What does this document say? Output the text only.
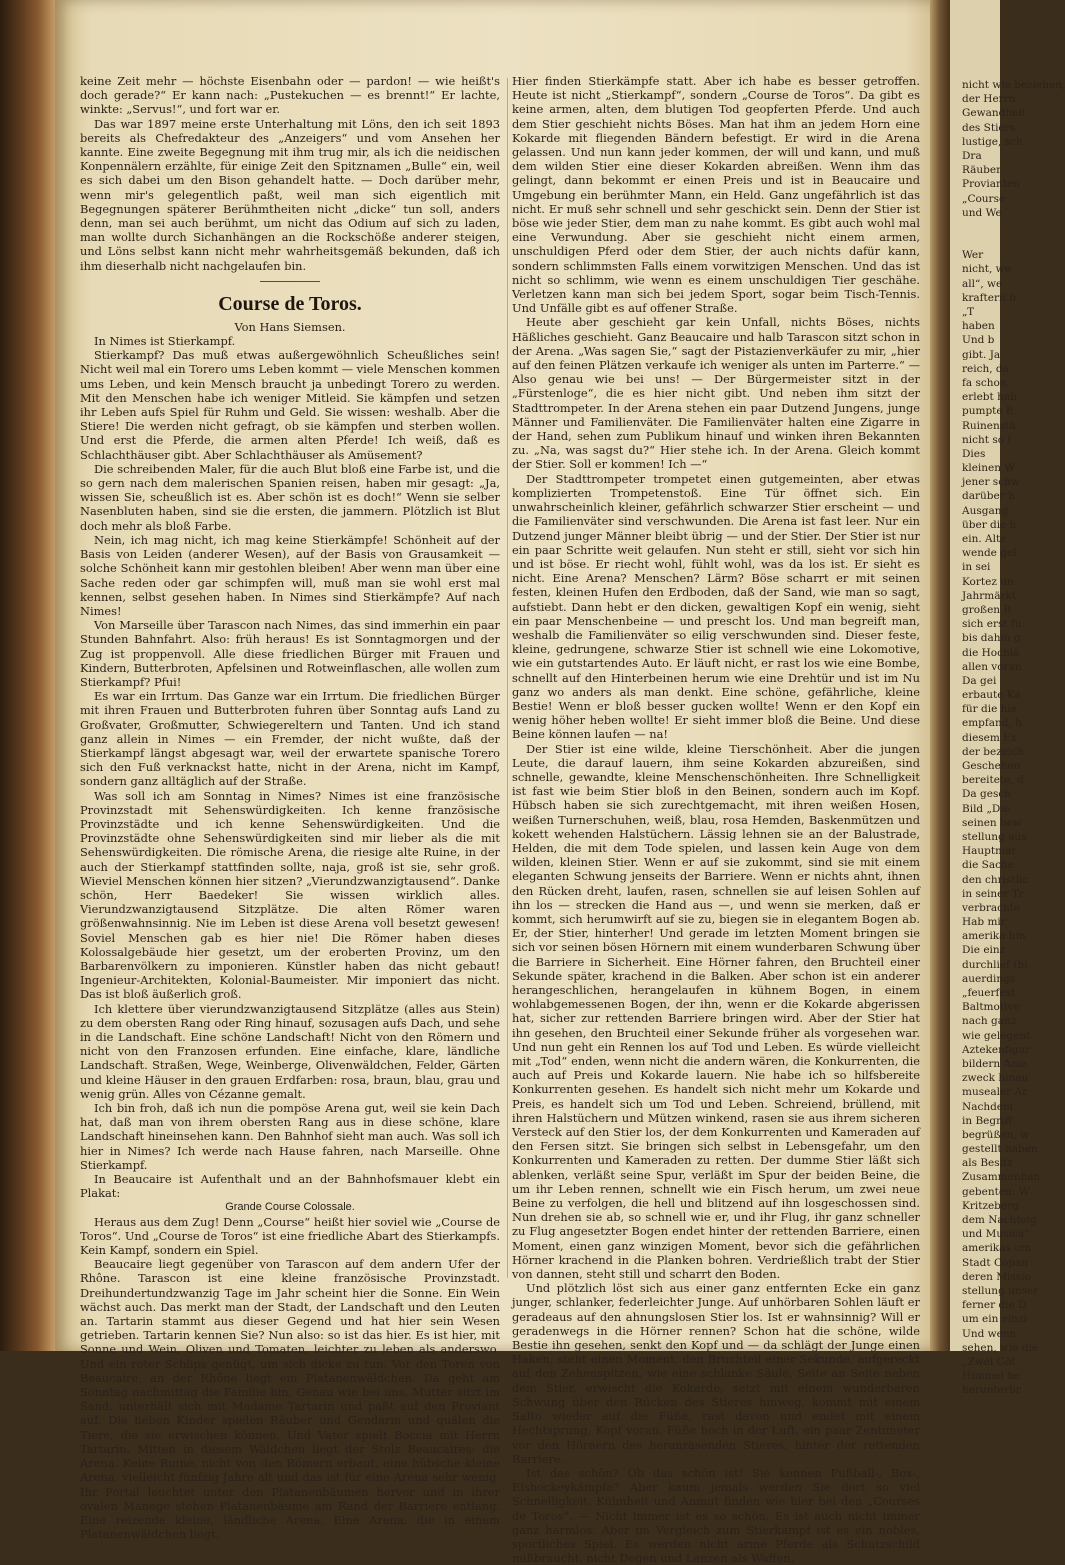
keine Zeit mehr — höchste Eisenbahn oder — pardon! — wie heißt's doch gerade?“ Er kann nach: „Pustekuchen — es brennt!“ Er lachte, winkte: „Servus!“, und fort war er.

Das war 1897 meine erste Unterhaltung mit Löns, den ich seit 1893 bereits als Chefredakteur des „Anzeigers“ und vom Ansehen her kannte. Eine zweite Begegnung mit ihm trug mir, als ich die neidischen Konpennälern erzählte, für einige Zeit den Spitznamen „Bulle“ ein, weil es sich dabei um den Bison gehandelt hatte. — Doch darüber mehr, wenn mir's gelegentlich paßt, weil man sich eigentlich mit Begegnungen späterer Berühmtheiten nicht „dicke“ tun soll, anders denn, man sei auch berühmt, um nicht das Odium auf sich zu laden, man wollte durch Sichanhängen an die Rockschöße anderer steigen, und Löns selbst kann nicht mehr wahrheitsgemäß bekunden, daß ich ihm dieserhalb nicht nachgelaufen bin.

Course de Toros.

Von Hans Siemsen.

In Nimes ist Stierkampf.

Stierkampf? Das muß etwas außergewöhnlich Scheußliches sein! Nicht weil mal ein Torero ums Leben kommt — viele Menschen kommen ums Leben, und kein Mensch braucht ja unbedingt Torero zu werden. Mit den Menschen habe ich weniger Mitleid. Sie kämpfen und setzen ihr Leben aufs Spiel für Ruhm und Geld. Sie wissen: weshalb. Aber die Stiere! Die werden nicht gefragt, ob sie kämpfen und sterben wollen. Und erst die Pferde, die armen alten Pferde! Ich weiß, daß es Schlachthäuser gibt. Aber Schlachthäuser als Amüsement?

Die schreibenden Maler, für die auch Blut bloß eine Farbe ist, und die so gern nach dem malerischen Spanien reisen, haben mir gesagt: „Ja, wissen Sie, scheußlich ist es. Aber schön ist es doch!“ Wenn sie selber Nasenbluten haben, sind sie die ersten, die jammern. Plötzlich ist Blut doch mehr als bloß Farbe.

Nein, ich mag nicht, ich mag keine Stierkämpfe! Schönheit auf der Basis von Leiden (anderer Wesen), auf der Basis von Grausamkeit — solche Schönheit kann mir gestohlen bleiben! Aber wenn man über eine Sache reden oder gar schimpfen will, muß man sie wohl erst mal kennen, selbst gesehen haben. In Nimes sind Stierkämpfe? Auf nach Nimes!

Von Marseille über Tarascon nach Nimes, das sind immerhin ein paar Stunden Bahnfahrt. Also: früh heraus! Es ist Sonntagmorgen und der Zug ist proppenvoll. Alle diese friedlichen Bürger mit Frauen und Kindern, Butterbroten, Apfelsinen und Rotweinflaschen, alle wollen zum Stierkampf? Pfui!

Es war ein Irrtum. Das Ganze war ein Irrtum. Die friedlichen Bürger mit ihren Frauen und Butterbroten fuhren über Sonntag aufs Land zu Großvater, Großmutter, Schwiegereltern und Tanten. Und ich stand ganz allein in Nimes — ein Fremder, der nicht wußte, daß der Stierkampf längst abgesagt war, weil der erwartete spanische Torero sich den Fuß verknackst hatte, nicht in der Arena, nicht im Kampf, sondern ganz alltäglich auf der Straße.

Was soll ich am Sonntag in Nimes? Nimes ist eine französische Provinzstadt mit Sehenswürdigkeiten. Ich kenne französische Provinzstädte und ich kenne Sehenswürdigkeiten. Und die Provinzstädte ohne Sehenswürdigkeiten sind mir lieber als die mit Sehenswürdigkeiten. Die römische Arena, die riesige alte Ruine, in der auch der Stierkampf stattfinden sollte, naja, groß ist sie, sehr groß. Wieviel Menschen können hier sitzen? „Vierundzwanzigtausend“. Danke schön, Herr Baedeker! Sie wissen wirklich alles. Vierundzwanzigtausend Sitzplätze. Die alten Römer waren größenwahnsinnig. Nie im Leben ist diese Arena voll besetzt gewesen! Soviel Menschen gab es hier nie! Die Römer haben dieses Kolossalgebäude hier gesetzt, um der eroberten Provinz, um den Barbarenvölkern zu imponieren. Künstler haben das nicht gebaut! Ingenieur-Architekten, Kolonial-Baumeister. Mir imponiert das nicht. Das ist bloß äußerlich groß.

Ich klettere über vierundzwanzigtausend Sitzplätze (alles aus Stein) zu dem obersten Rang oder Ring hinauf, sozusagen aufs Dach, und sehe in die Landschaft. Eine schöne Landschaft! Nicht von den Römern und nicht von den Franzosen erfunden. Eine einfache, klare, ländliche Landschaft. Straßen, Wege, Weinberge, Olivenwäldchen, Felder, Gärten und kleine Häuser in den grauen Erdfarben: rosa, braun, blau, grau und wenig grün. Alles von Cézanne gemalt.

Ich bin froh, daß ich nun die pompöse Arena gut, weil sie kein Dach hat, daß man von ihrem obersten Rang aus in diese schöne, klare Landschaft hineinsehen kann. Den Bahnhof sieht man auch. Was soll ich hier in Nimes? Ich werde nach Hause fahren, nach Marseille. Ohne Stierkampf.

In Beaucaire ist Aufenthalt und an der Bahnhofsmauer klebt ein Plakat:

Grande Course Colossale.

Heraus aus dem Zug! Denn „Course“ heißt hier soviel wie „Course de Toros“. Und „Course de Toros“ ist eine friedliche Abart des Stierkampfs. Kein Kampf, sondern ein Spiel.

Beaucaire liegt gegenüber von Tarascon auf dem andern Ufer der Rhône. Tarascon ist eine kleine französische Provinzstadt. Dreihundertundzwanzig Tage im Jahr scheint hier die Sonne. Ein Wein wächst auch. Das merkt man der Stadt, der Landschaft und den Leuten an. Tartarin stammt aus dieser Gegend und hat hier sein Wesen getrieben. Tartarin kennen Sie? Nun also: so ist das hier. Es ist hier, mit Sonne und Wein, Oliven und Tomaten, leichter zu leben als anderswo. Und ein roter Schlips genügt, um sich dicke zu tun. Vor den Toren von Beaucaire, an der Rhône liegt ein Platanenwäldchen. Da geht am Sonntag nachmittag die Familie hin. Genau wie bei uns. Mutter sitzt im Sand, unterhält sich mit Madame Tartarin und paßt auf den Proviant auf. Die lieben Kinder spielen Räuber und Gendarm und quälen die Tiere, die sie erwischen können. Und Vater spielt Boccia mit Herrn Tartarin. Mitten in diesem Wäldchen liegt der Stolz Beaucaires: die Arena. Keine Ruine, nicht von den Römern erbaut, eine hübsche kleine Arena, vielleicht fünfzig Jahre alt und das ist für eine Arena sehr wenig. Ihr Portal leuchtet unter den Platanenbäumen hervor und in ihrer ovalen Manege stehen Platanenbäume am Rand der Barriere entlang. Eine reizende kleine, ländliche Arena. Eine Arena, die in einem Platanenwäldchen liegt.

Hier finden Stierkämpfe statt. Aber ich habe es besser getroffen. Heute ist nicht „Stierkampf“, sondern „Course de Toros“. Da gibt es keine armen, alten, dem blutigen Tod geopferten Pferde. Und auch dem Stier geschieht nichts Böses. Man hat ihm an jedem Horn eine Kokarde mit fliegenden Bändern befestigt. Er wird in die Arena gelassen. Und nun kann jeder kommen, der will und kann, und muß dem wilden Stier eine dieser Kokarden abreißen. Wenn ihm das gelingt, dann bekommt er einen Preis und ist in Beaucaire und Umgebung ein berühmter Mann, ein Held. Ganz ungefährlich ist das nicht. Er muß sehr schnell und sehr geschickt sein. Denn der Stier ist böse wie jeder Stier, dem man zu nahe kommt. Es gibt auch wohl mal eine Verwundung. Aber sie geschieht nicht einem armen, unschuldigen Pferd oder dem Stier, der auch nichts dafür kann, sondern schlimmsten Falls einem vorwitzigen Menschen. Und das ist nicht so schlimm, wie wenn es einem unschuldigen Tier geschähe. Verletzen kann man sich bei jedem Sport, sogar beim Tisch-Tennis. Und Unfälle gibt es auf offener Straße.

Heute aber geschieht gar kein Unfall, nichts Böses, nichts Häßliches geschieht. Ganz Beaucaire und halb Tarascon sitzt schon in der Arena. „Was sagen Sie,“ sagt der Pistazienverkäufer zu mir, „hier auf den feinen Plätzen verkaufe ich weniger als unten im Parterre.“ — Also genau wie bei uns! — Der Bürgermeister sitzt in der „Fürstenloge“, die es hier nicht gibt. Und neben ihm sitzt der Stadttrompeter. In der Arena stehen ein paar Dutzend Jungens, junge Männer und Familienväter. Die Familienväter halten eine Zigarre in der Hand, sehen zum Publikum hinauf und winken ihren Bekannten zu. „Na, was sagst du?“ Hier stehe ich. In der Arena. Gleich kommt der Stier. Soll er kommen! Ich —“

Der Stadttrompeter trompetet einen gutgemeinten, aber etwas komplizierten Trompetenstoß. Eine Tür öffnet sich. Ein unwahrscheinlich kleiner, gefährlich schwarzer Stier erscheint — und die Familienväter sind verschwunden. Die Arena ist fast leer. Nur ein Dutzend junger Männer bleibt übrig — und der Stier. Der Stier ist nur ein paar Schritte weit gelaufen. Nun steht er still, sieht vor sich hin und ist böse. Er riecht wohl, fühlt wohl, was da los ist. Er sieht es nicht. Eine Arena? Menschen? Lärm? Böse scharrt er mit seinen festen, kleinen Hufen den Erdboden, daß der Sand, wie man so sagt, aufstiebt. Dann hebt er den dicken, gewaltigen Kopf ein wenig, sieht ein paar Menschenbeine — und prescht los. Und man begreift man, weshalb die Familienväter so eilig verschwunden sind. Dieser feste, kleine, gedrungene, schwarze Stier ist schnell wie eine Lokomotive, wie ein gutstartendes Auto. Er läuft nicht, er rast los wie eine Bombe, schnellt auf den Hinterbeinen herum wie eine Drehtür und ist im Nu ganz wo anders als man denkt. Eine schöne, gefährliche, kleine Bestie! Wenn er bloß besser gucken wollte! Wenn er den Kopf ein wenig höher heben wollte! Er sieht immer bloß die Beine. Und diese Beine können laufen — na!

Der Stier ist eine wilde, kleine Tierschönheit. Aber die jungen Leute, die darauf lauern, ihm seine Kokarden abzureißen, sind schnelle, gewandte, kleine Menschenschönheiten. Ihre Schnelligkeit ist fast wie beim Stier bloß in den Beinen, sondern auch im Kopf. Hübsch haben sie sich zurechtgemacht, mit ihren weißen Hosen, weißen Turnerschuhen, weiß, blau, rosa Hemden, Baskenmützen und kokett wehenden Halstüchern. Lässig lehnen sie an der Balustrade, Helden, die mit dem Tode spielen, und lassen kein Auge von dem wilden, kleinen Stier. Wenn er auf sie zukommt, sind sie mit einem eleganten Schwung jenseits der Barriere. Wenn er nichts ahnt, ihnen den Rücken dreht, laufen, rasen, schnellen sie auf leisen Sohlen auf ihn los — strecken die Hand aus —, und wenn sie merken, daß er kommt, sich herumwirft auf sie zu, biegen sie in elegantem Bogen ab. Er, der Stier, hinterher! Und gerade im letzten Moment bringen sie sich vor seinen bösen Hörnern mit einem wunderbaren Schwung über die Barriere in Sicherheit. Eine Hörner fahren, den Bruchteil einer Sekunde später, krachend in die Balken. Aber schon ist ein anderer herangeschlichen, herangelaufen in kühnem Bogen, in einem wohlabgemessenen Bogen, der ihn, wenn er die Kokarde abgerissen hat, sicher zur rettenden Barriere bringen wird. Aber der Stier hat ihn gesehen, den Bruchteil einer Sekunde früher als vorgesehen war. Und nun geht ein Rennen los auf Tod und Leben. Es würde vielleicht mit „Tod“ enden, wenn nicht die andern wären, die Konkurrenten, die auch auf Preis und Kokarde lauern. Nie habe ich so hilfsbereite Konkurrenten gesehen. Es handelt sich nicht mehr um Kokarde und Preis, es handelt sich um Tod und Leben. Schreiend, brüllend, mit ihren Halstüchern und Mützen winkend, rasen sie aus ihrem sicheren Versteck auf den Stier los, der dem Konkurrenten und Kameraden auf den Fersen sitzt. Sie bringen sich selbst in Lebensgefahr, um den Konkurrenten und Kameraden zu retten. Der dumme Stier läßt sich ablenken, verläßt seine Spur, verläßt im Spur der beiden Beine, die um ihr Leben rennen, schnellt wie ein Fisch herum, um zwei neue Beine zu verfolgen, die hell und blitzend auf ihn losgeschossen sind. Nun drehen sie ab, so schnell wie er, und ihr Flug, ihr ganz schneller zu Flug angesetzter Bogen endet hinter der rettenden Barriere, einen Moment, einen ganz winzigen Moment, bevor sich die gefährlichen Hörner krachend in die Planken bohren. Verdrießlich trabt der Stier von dannen, steht still und scharrt den Boden.

Und plötzlich löst sich aus einer ganz entfernten Ecke ein ganz junger, schlanker, federleichter Junge. Auf unhörbaren Sohlen läuft er geradeaus auf den ahnungslosen Stier los. Ist er wahnsinnig? Will er geradenwegs in die Hörner rennen? Schon hat die schöne, wilde Bestie ihn gesehen, senkt den Kopf und — da schlägt der Junge einen Haken, steht einen Moment, den Bruchteil einer Sekunde, aufgereckt auf den Zehenspitzen, wie eine schlanke Säule, Seite an Seite neben dem Stier, erwischt die Kokarde, setzt mit einem wunderbaren Schwung über den Rücken des Stieres hinweg, kommt mit einem Salto wieder auf die Füße, rast davon und endet mit einem Hechtsprung, Kopf voran, Füße hoch in der Luft, ein paar Zentimeter vor den Hörnern des heranrasenden Stieres, hinter der rettenden Barriere.

Ist das schön? Ob das schön ist! Sie kennen Fußball-, Box-, Eishockeykämpfe? Aber kaum jemals werden Sie dort so viel Schnelligkeit, Kühnheit und Anmut finden wie hier bei den „Courses de Toros“. — Nicht immer ist es so schön. Es ist auch nicht immer ganz harmlos. Aber im Vergleich zum Stierkampf ist es ein nobles, sportliches Spiel. Es werden nicht arme Pferde als Schutzschild mißbraucht, nicht Degen und Lanzen als Waffen,

nicht wie beziehen,
der Herrn
Gewandheit
des Stiers
lustige, sch
Dra
Räuber
Provianten
„Course
und We
Wer
nicht, we
all“, we
kraftern b
„T
haben
Und b
gibt. Ja
reich, da
fa schon
erlebt hab
pumpte E
Ruinenstä
nicht so l
Dies
kleinen W
jener schw
darüber h
Ausgang.
über die h
ein. Alte
wende gel
in sei
Kortez un
Jahrmärkt
großen R
sich erst fu
bis dahin g
die Hochlä
allen voran
Da gei
erbaute Ka
für die hie
empfand, h
diesem Ex
der bezeich
Geschehen
bereitete, d
Da gesch
Bild „Die
seinen bew
stellung aus
Hauptmar
die Sache
den christlic
in seiner Tr
verbrachte
Hab mir
amerika hin
Die einz
durchlief (hi
auerdings
„feuerfest
Baltmotive
nach ganz
wie gelegent
Aztekenfigur
bildern Ame
zweck hinau
musealer Ar
Nachdem
in Begriff
begrüßen, w
gestellt haben
als Besitz
Zusammenhan
gebenten: W
Kritzeberg
dem Nachfolg
und Musica“
amerikas um
Stadt Copan
deren Missio
stellung unser
ferner die D
um ein einzi
Und wenn
sehen, wie die
„Zwei Göt
Himmel he
herunterbr
